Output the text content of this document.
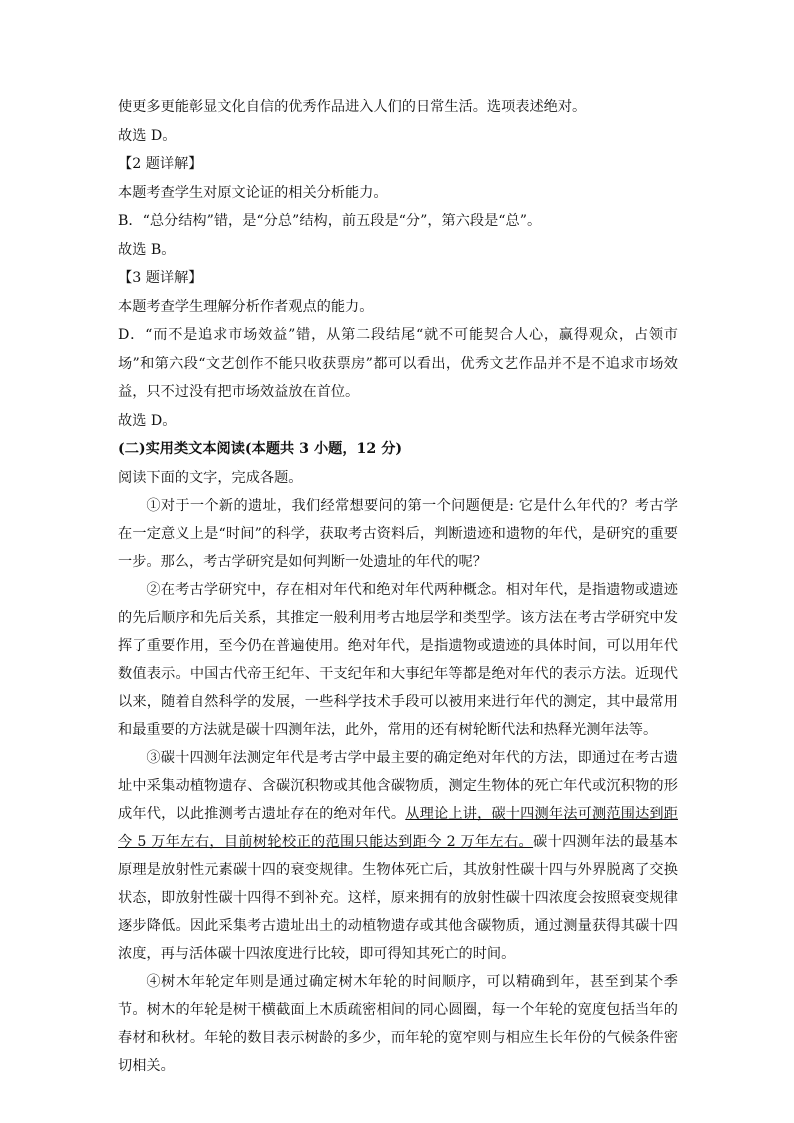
使更多更能彰显文化自信的优秀作品进入人们的日常生活。选项表述绝对。

故选 D。

【2 题详解】

本题考查学生对原文论证的相关分析能力。

B．“总分结构”错，是“分总”结构，前五段是“分”，第六段是“总”。

故选 B。

【3 题详解】

本题考查学生理解分析作者观点的能力。

D．“而不是追求市场效益”错，从第二段结尾“就不可能契合人心，赢得观众，占领市场”和第六段“文艺创作不能只收获票房”都可以看出，优秀文艺作品并不是不追求市场效益，只不过没有把市场效益放在首位。

故选 D。

(二)实用类文本阅读(本题共 3 小题，12 分)

阅读下面的文字，完成各题。

①对于一个新的遗址，我们经常想要问的第一个问题便是: 它是什么年代的？考古学在一定意义上是“时间”的科学，获取考古资料后，判断遗迹和遗物的年代，是研究的重要一步。那么，考古学研究是如何判断一处遗址的年代的呢？

②在考古学研究中，存在相对年代和绝对年代两种概念。相对年代，是指遗物或遗迹的先后顺序和先后关系，其推定一般利用考古地层学和类型学。该方法在考古学研究中发挥了重要作用，至今仍在普遍使用。绝对年代，是指遗物或遗迹的具体时间，可以用年代数值表示。中国古代帝王纪年、干支纪年和大事纪年等都是绝对年代的表示方法。近现代以来，随着自然科学的发展，一些科学技术手段可以被用来进行年代的测定，其中最常用和最重要的方法就是碳十四测年法，此外，常用的还有树轮断代法和热释光测年法等。

③碳十四测年法测定年代是考古学中最主要的确定绝对年代的方法，即通过在考古遗址中采集动植物遗存、含碳沉积物或其他含碳物质，测定生物体的死亡年代或沉积物的形成年代，以此推测考古遗址存在的绝对年代。从理论上讲，碳十四测年法可测范围达到距今 5 万年左右，目前树轮校正的范围只能达到距今 2 万年左右。碳十四测年法的最基本原理是放射性元素碳十四的衰变规律。生物体死亡后，其放射性碳十四与外界脱离了交换状态，即放射性碳十四得不到补充。这样，原来拥有的放射性碳十四浓度会按照衰变规律逐步降低。因此采集考古遗址出土的动植物遗存或其他含碳物质，通过测量获得其碳十四浓度，再与活体碳十四浓度进行比较，即可得知其死亡的时间。

④树木年轮定年则是通过确定树木年轮的时间顺序，可以精确到年，甚至到某个季节。树木的年轮是树干横截面上木质疏密相间的同心圆圈，每一个年轮的宽度包括当年的春材和秋材。年轮的数目表示树龄的多少，而年轮的宽窄则与相应生长年份的气候条件密切相关。
